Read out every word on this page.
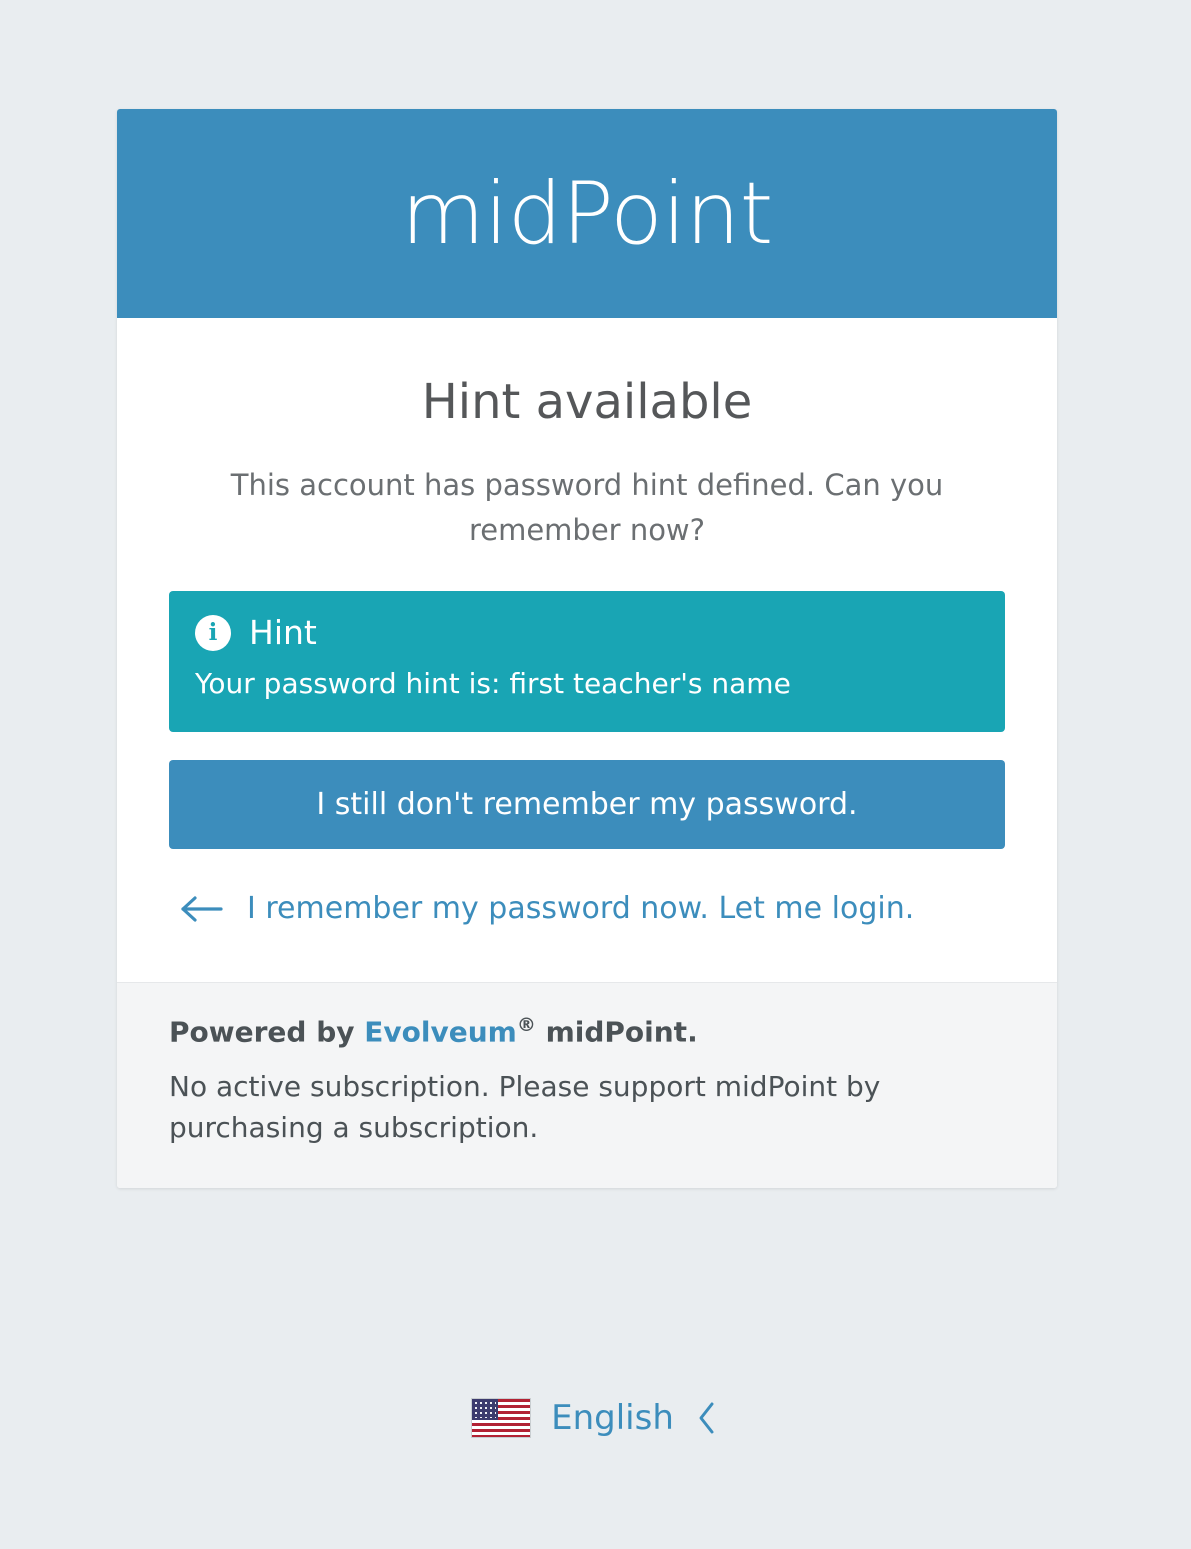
midPoint
Hint available

This account has password hint defined. Can you remember now?

i Hint
Your password hint is: first teacher's name
I still don't remember my password.
I remember my password now. Let me login.
Powered by Evolveum® midPoint.
No active subscription. Please support midPoint by purchasing a subscription.
English
